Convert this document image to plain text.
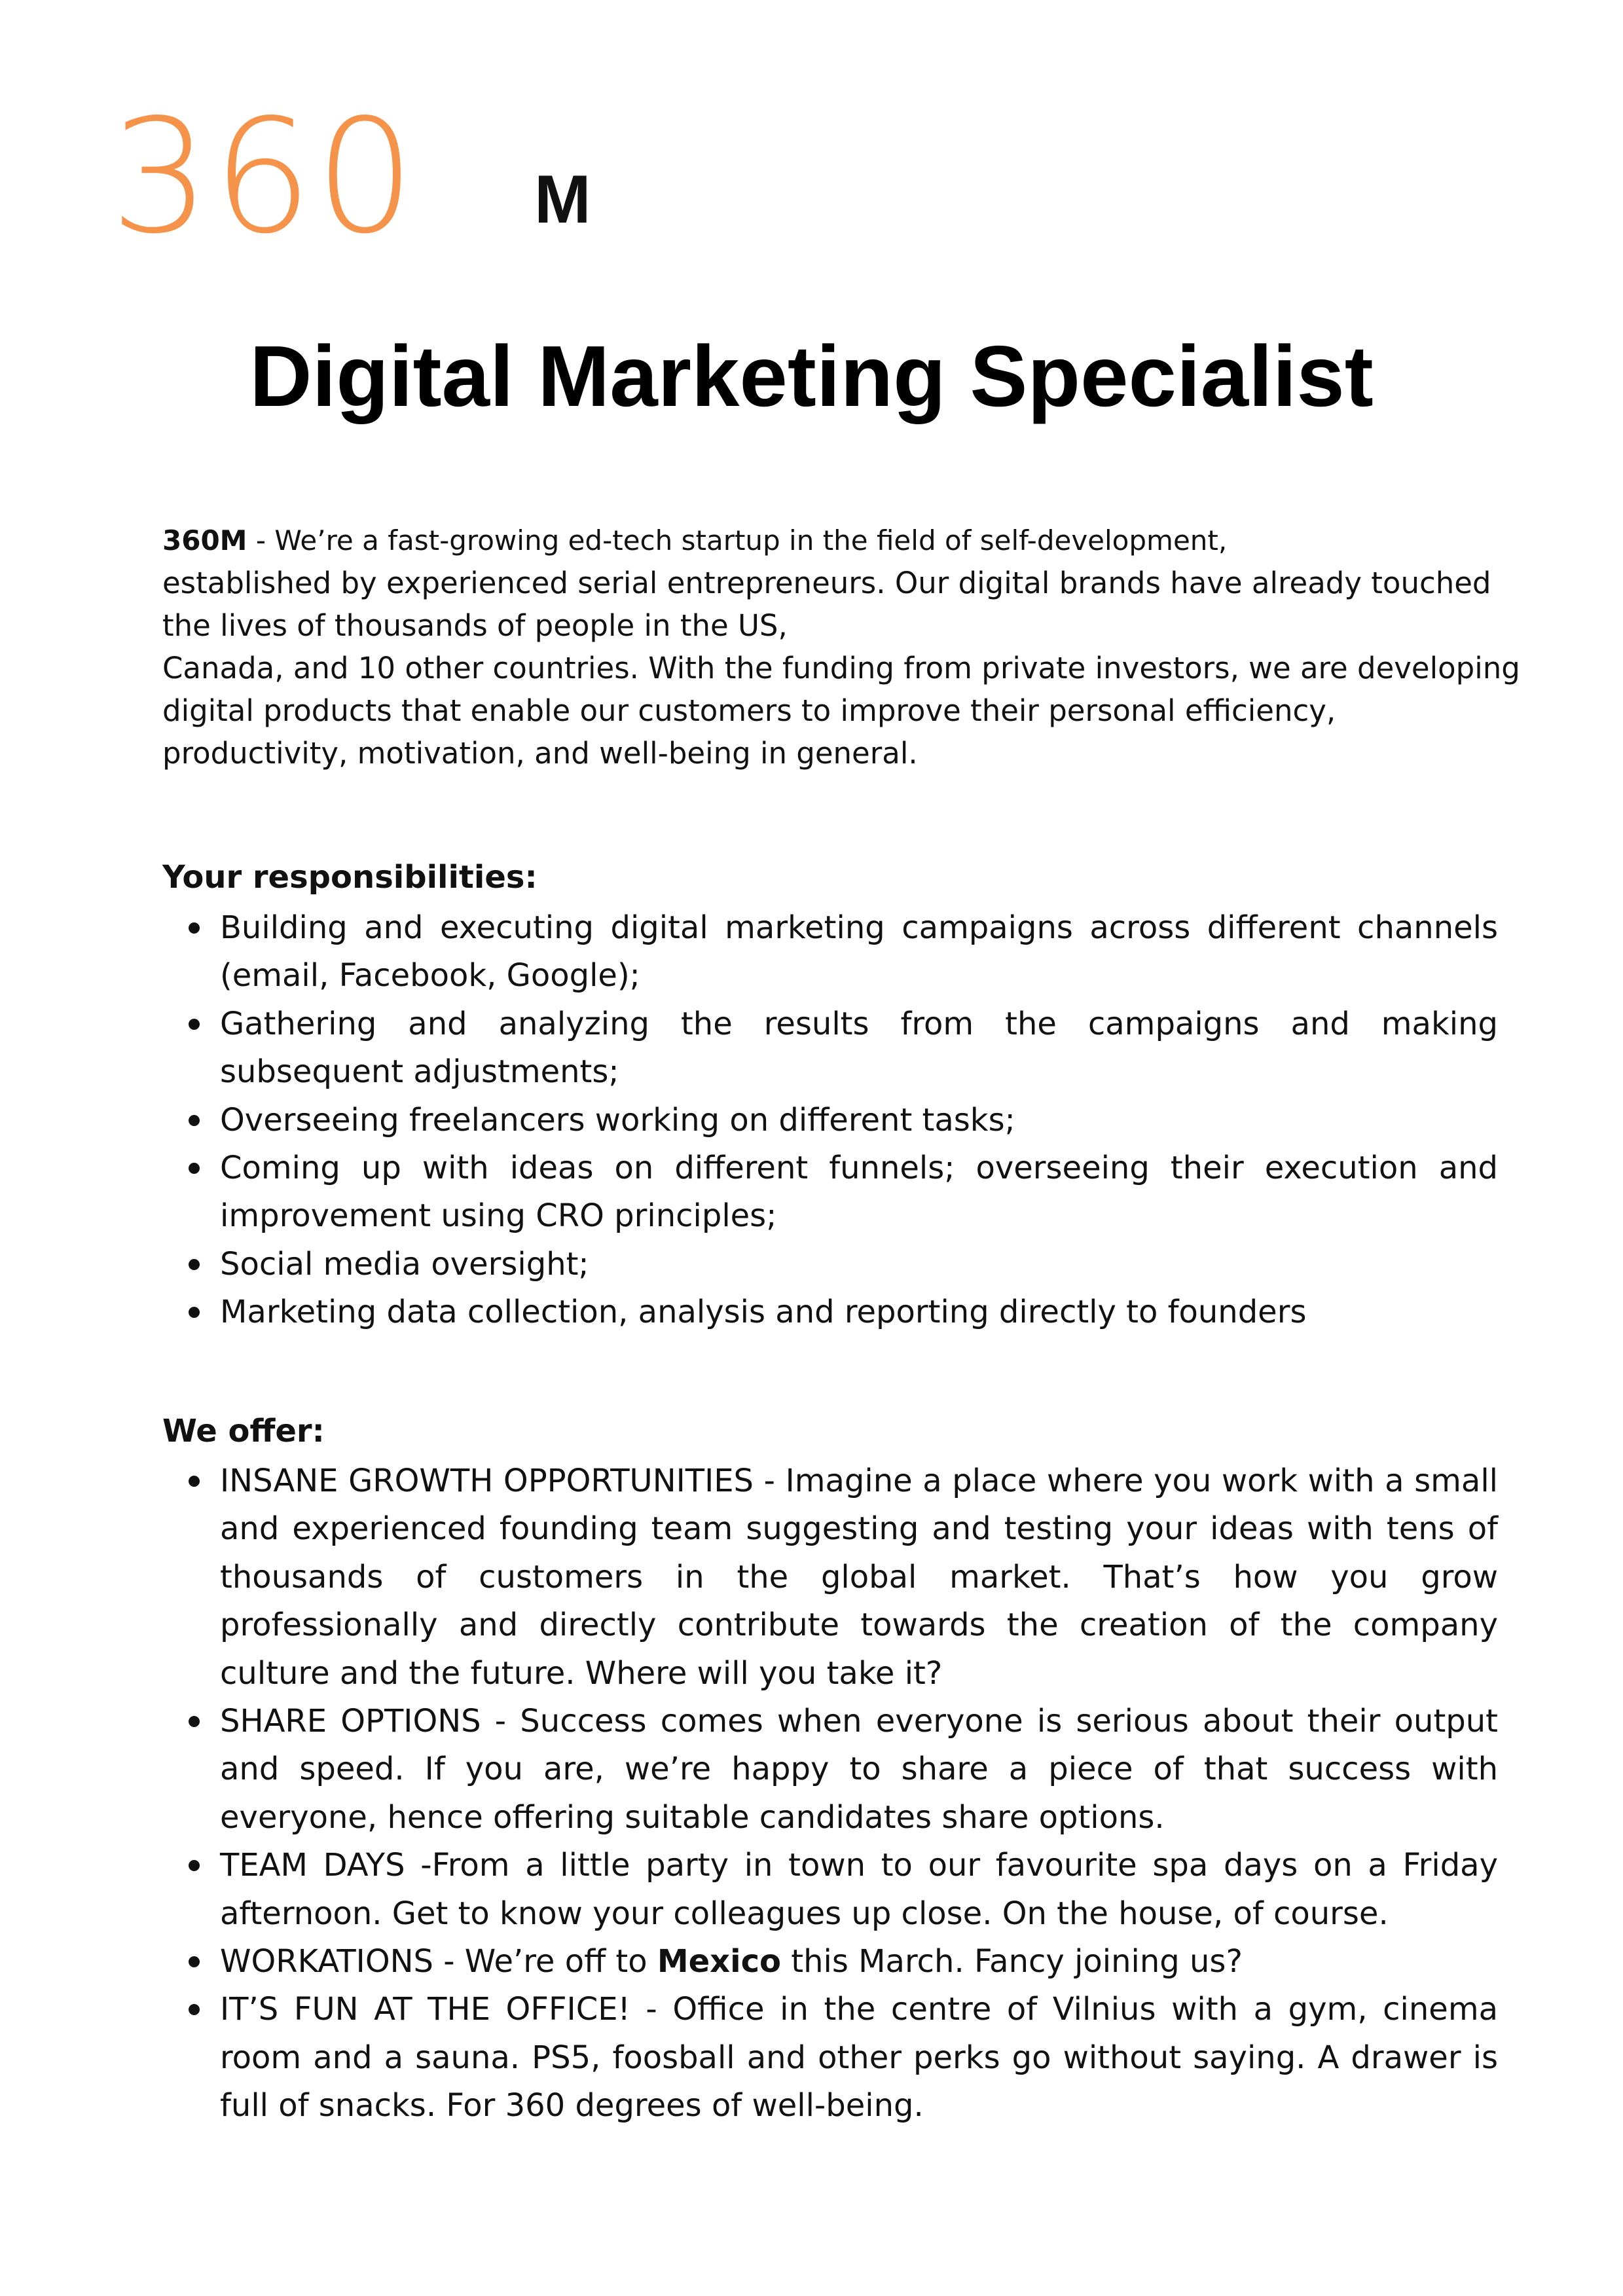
360 M
Digital Marketing Specialist

360M - We’re a fast-growing ed-tech startup in the field of self-development,
established by experienced serial entrepreneurs. Our digital brands have already touched
the lives of thousands of people in the US,
Canada, and 10 other countries. With the funding from private investors, we are developing
digital products that enable our customers to improve their personal efficiency,
productivity, motivation, and well-being in general.

Your responsibilities:
Building and executing digital marketing campaigns across different channels (email, Facebook, Google);
Gathering and analyzing the results from the campaigns and making subsequent adjustments;
Overseeing freelancers working on different tasks;
Coming up with ideas on different funnels; overseeing their execution and improvement using CRO principles;
Social media oversight;
Marketing data collection, analysis and reporting directly to founders
We offer:
INSANE GROWTH OPPORTUNITIES - Imagine a place where you work with a small and experienced founding team suggesting and testing your ideas with tens of thousands of customers in the global market. That’s how you grow professionally and directly contribute towards the creation of the company culture and the future. Where will you take it?
SHARE OPTIONS - Success comes when everyone is serious about their output and speed. If you are, we’re happy to share a piece of that success with everyone, hence offering suitable candidates share options.
TEAM DAYS -From a little party in town to our favourite spa days on a Friday afternoon. Get to know your colleagues up close. On the house, of course.
WORKATIONS - We’re off to Mexico this March. Fancy joining us?
IT’S FUN AT THE OFFICE! - Office in the centre of Vilnius with a gym, cinema room and a sauna. PS5, foosball and other perks go without saying. A drawer is full of snacks. For 360 degrees of well-being.
